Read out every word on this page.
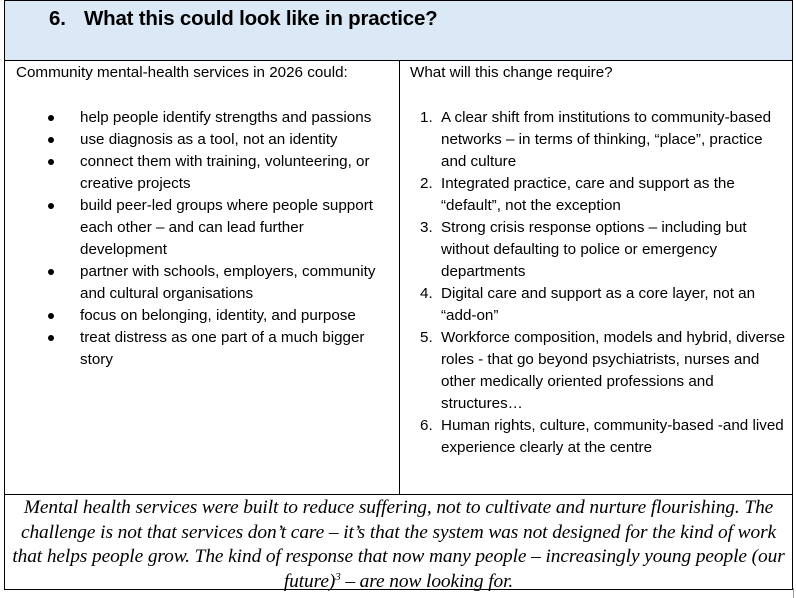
6. What this could look like in practice?
Community mental-health services in 2026 could:
help people identify strengths and passions
use diagnosis as a tool, not an identity
connect them with training, volunteering, or creative projects
build peer-led groups where people support each other – and can lead further development
partner with schools, employers, community and cultural organisations
focus on belonging, identity, and purpose
treat distress as one part of a much bigger story
What will this change require?
1. A clear shift from institutions to community-based networks – in terms of thinking, “place”, practice and culture
2. Integrated practice, care and support as the “default”, not the exception
3. Strong crisis response options – including but without defaulting to police or emergency departments
4. Digital care and support as a core layer, not an “add-on”
5. Workforce composition, models and hybrid, diverse roles - that go beyond psychiatrists, nurses and other medically oriented professions and structures…
6. Human rights, culture, community-based -and lived experience clearly at the centre
Mental health services were built to reduce suffering, not to cultivate and nurture flourishing. The challenge is not that services don’t care – it’s that the system was not designed for the kind of work that helps people grow. The kind of response that now many people – increasingly young people (our future)$^3$ – are now looking for.
